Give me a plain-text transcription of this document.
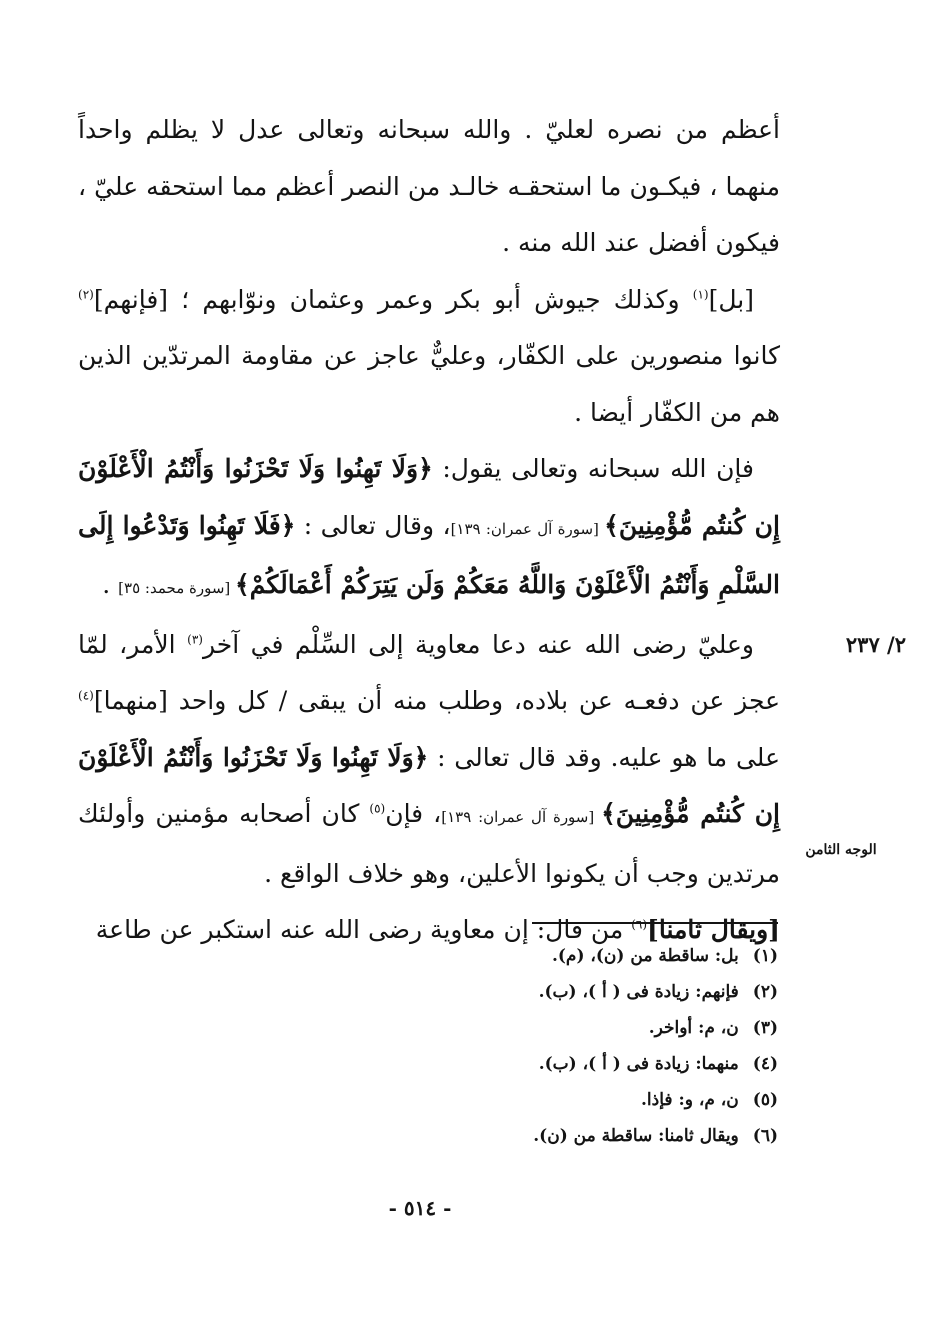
أعظم من نصره لعليّ . والله سبحانه وتعالى عدل لا يظلم واحداً منهما ، فيكـون ما استحقـه خالـد من النصر أعظم مما استحقه عليّ ، فيكون أفضل عند الله منه .

[بل]$^{(١)}$ وكذلك جيوش أبو بكر وعمر وعثمان ونوّابهم ؛ [فإنهم]$^{(٢)}$ كانوا منصورين على الكفّار، وعليٌّ عاجز عن مقاومة المرتدّين الذين هم من الكفّار أيضا .

فإن الله سبحانه وتعالى يقول: ﴿وَلَا تَهِنُوا وَلَا تَحْزَنُوا وَأَنْتُمُ الْأَعْلَوْنَ إِن كُنتُم مُّؤْمِنِينَ﴾ [سورة آل عمران: ١٣٩]، وقال تعالى : ﴿فَلَا تَهِنُوا وَتَدْعُوا إِلَى السَّلْمِ وَأَنْتُمُ الْأَعْلَوْنَ وَاللَّهُ مَعَكُمْ وَلَن يَتِرَكُمْ أَعْمَالَكُمْ﴾ [سورة محمد: ٣٥] .

وعليّ رضى الله عنه دعا معاوية إلى السِّلْم في آخر$^{(٣)}$ الأمر، لمّا عجز عن دفعـه عن بلاده، وطلب منه أن يبقى / كل واحد [منهما]$^{(٤)}$ على ما هو عليه. وقد قال تعالى : ﴿وَلَا تَهِنُوا وَلَا تَحْزَنُوا وَأَنْتُمُ الْأَعْلَوْنَ إِن كُنتُم مُّؤْمِنِينَ﴾ [سورة آل عمران: ١٣٩]، فإن$^{(٥)}$ كان أصحابه مؤمنين وأولئك مرتدين وجب أن يكونوا الأعلين، وهو خلاف الواقع .

[ويقال ثامنا]$^{(٦)}$ من قال: إن معاوية رضى الله عنه استكبر عن طاعة

٢/ ٢٣٧
الوجه الثامن
(١)
بل: ساقطة من (ن)، (م).
(٢)
فإنهم: زيادة فى ( أ )، (ب).
(٣)
ن، م: أواخر.
(٤)
منهما: زيادة فى ( أ )، (ب).
(٥)
ن، م، و: فإذا.
(٦)
ويقال ثامنا: ساقطة من (ن).
- ٥١٤ -
